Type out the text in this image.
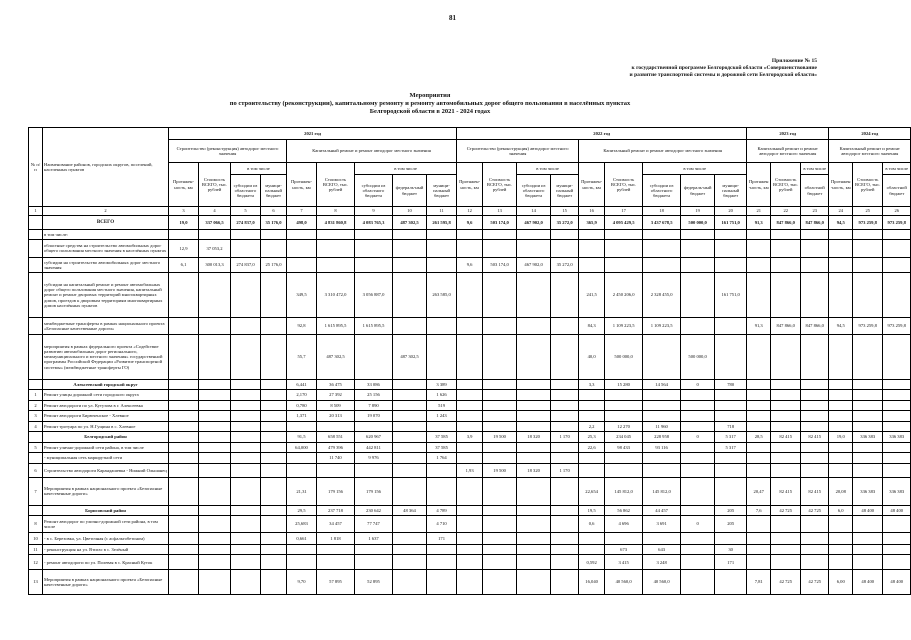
81
Приложение № 15
к государственной программе Белгородской области «Совершенствование
и развитие транспортной системы и дорожной сети Белгородской области»
Мероприятия
по строительству (реконструкции), капитальному ремонту и ремонту автомобильных дорог общего пользования в населённых пунктах
Белгородской области в 2021 - 2024 годах
№ п/п	Наименование районов, городских округов, поселений, населенных пунктов	2021 год									2022 год									2023 год			2024 год		
		Строительство (реконструкция) автодорог местного значения				Капитальный ремонт и ремонт автодорог местного значения					Строительство (реконструкция) автодорог местного значения				Капитальный ремонт и ремонт автодорог местного значения					Капитальный ремонт и ремонт автодорог местного значения			Капитальный ремонт и ремонт автодорог местного значения		
		Протяжен-ность, км	Стоимость ВСЕГО, тыс. рублей	в том числе		Протяжен-ность, км	Стоимость ВСЕГО, тыс. рублей	в том числе			Протяжен-ность, км	Стоимость ВСЕГО, тыс. рублей	в том числе		Протяжен-ность, км	Стоимость ВСЕГО, тыс. рублей	в том числе			Протяжен-ность, км	Стоимость ВСЕГО, тыс. рублей	в том числе	Протяжен-ность, км	Стоимость ВСЕГО, тыс. рублей	в том числе
				субсидии из областного бюджета	муници-пальный бюджет			субсидии из областного бюджета	федераль-ный бюджет	муници-пальный бюджет			субсидии из областного бюджета	муници-пальный бюджет			субсидии из областного бюджета	федераль-ный бюджет	муници-пальный бюджет			областной бюджет			областной бюджет
1	2	3	4	5	6	7	8	9	10	11	12	13	14	15	16	17	18	19	20	21	22	23	24	25	26
	ВСЕГО	19,0	337 066,5	274 837,0	35 176,0	498,0	4 831 860,8	4 083 765,3	487 302,5	261 595,8	9,6	503 174,0	467 902,0	35 272,0	365,9	4 095 429,5	3 437 678,5	500 000,0	161 751,0	91,3	847 866,0	847 866,0	94,5	973 259,8	973 259,8
	в том числе:																								
	областные средства на строительство автомобильных дорог общего пользования местного значения в населённых пунктах	12,9	37 053,2																						
	субсидии на строительство автомобильных дорог местного значения	6,1	300 013,3	274 837,0	25 176,0						9,6	503 174,0	467 902,0	35 272,0											
	субсидии на капитальный ремонт и ремонт автомобильных дорог общего пользования местного значения, капитальный ремонт и ремонт дворовых территорий многоквартирных домов, проездов к дворовым территориям многоквартирных домов населённых пунктов					349,5	3 310 472,0	3 056 887,0		263 585,0					241,5	2 450 206,0	2 328 455,0		161 751,0						
	межбюджетные трансферты в рамках национального проекта «Безопасные качественные дороги»					92,8	1 615 895,5	1 615 895,5							84,3	1 109 223,5	1 109 223,5			91,3	847 866,0	847 866,0	94,5	973 259,8	973 259,8
	мероприятия в рамках федерального проекта «Содействие развитию автомобильных дорог регионального, межмуниципального и местного значения» государственной программы Российской Федерации «Развитие транспортной системы» (межбюджетные трансферты ГО)					55,7	487 302,5		487 302,5						40,0	500 000,0		500 000,0							
	Алексеевский городской округ					6,441	36 475	33 086		3 389					3,3	15 280	14 564	0	780						
1	Ремонт улицы дорожной сети городского округа					2,170	27 392	25 156		1 626															
2	Ремонт автодороги по ул. Кутузова в г. Алексеевка					0,780	8 509	7 890		519															
3	Ремонт автодороги Бирюченское - Хлевное					1,371	20 313	19 070		1 243															
4	Ремонт тротуара по ул. Н.Гущина в с. Хлевное														2,2	12 270	11 960		718						
	Белгородский район					91,5	658 551	620 967		37 585	3,9	19 500	18 320	1 170	25,3	234 045	228 958	0	5 317	28,5	82 415	82 415	19,0	336 383	336 383
5	Ремонт улично-дорожной сети района, в том числе					64,000	479 396	442 811		37 585					22,6	98 433	93 116		5 317						
	- муниципальная сеть маршрутной сети						11 740	9 976		1 764															
6	Строительство автодороги Карандашевка - Нижний Ольшанец										1,93	19 500	18 320	1 170											
7	Мероприятия в рамках национального проекта «Безопасные качественные дороги»					21,31	179 156	179 156							22,654	145 812,0	145 812,0			20,47	82 415	82 415	20,08	336 383	336 383
	Борисовский район					29,5	237 718	230 642	48 364	4 789					19,5	56 862	44 457		205	7,6	42 725	42 725	6,0	48 400	48 400
8	Ремонт автодорог по улично-дорожной сети района, в том числе					25,683	34 457	77 747		4 710					0,6	4 696	3 691	0	205						
10	- в с. Березовка, ул. Цветочная (с асфальтобетоном)					0,661	1 818	1 637		171															
11	- реконструкция на ул. Втигас в с. Зелёный															673	643		30						
12	- ремонт автодороги по ул. Полевая в с. Красный Куток														0,592	3 415	3 248		171						
13	Мероприятия в рамках национального проекта «Безопасные качественные дороги»					9,70	57 895	52 895							16,040	40 560,0	40 560,0			7,81	42 725	42 725	6,00	48 400	48 400
